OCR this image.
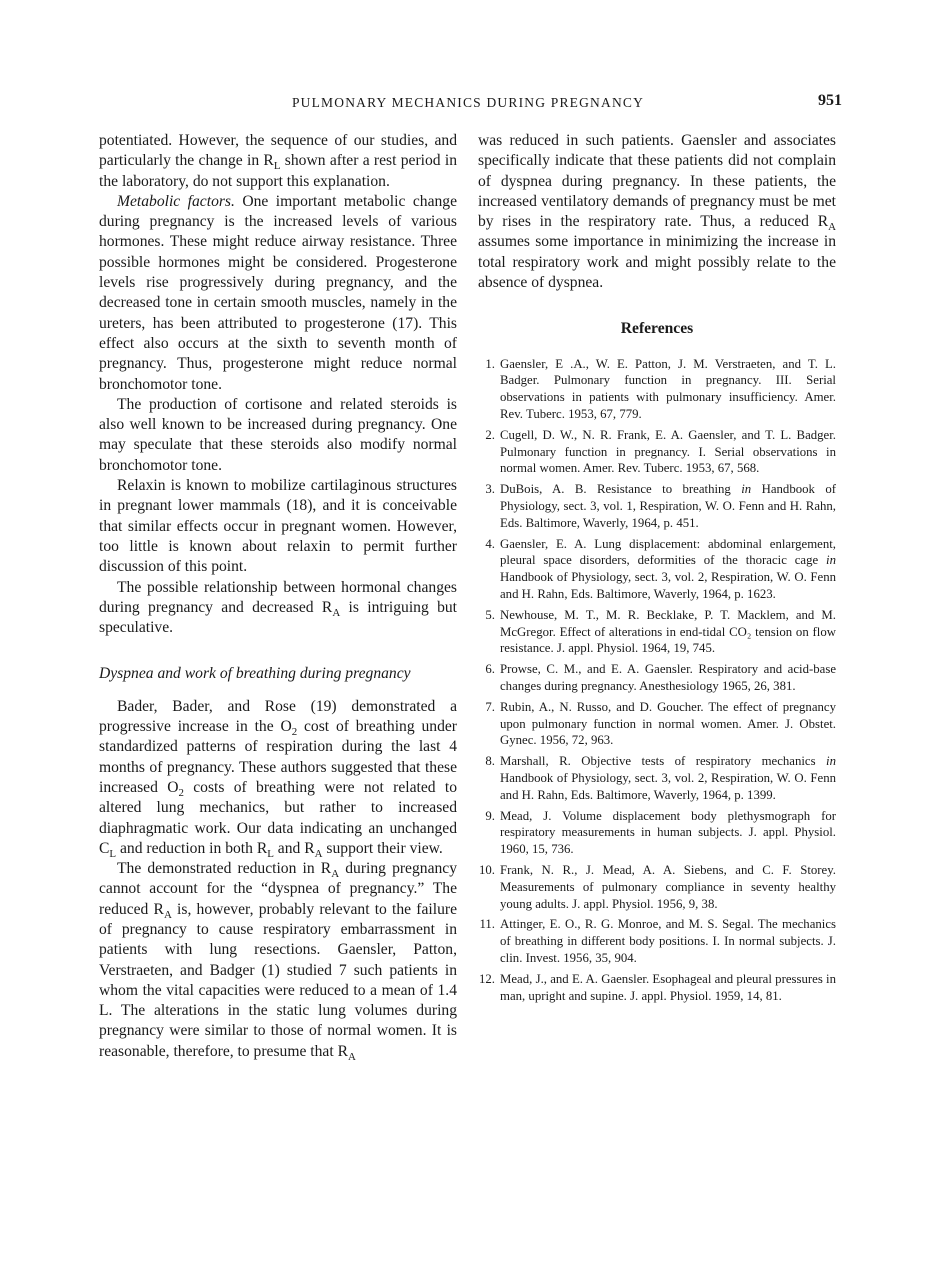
PULMONARY MECHANICS DURING PREGNANCY	951

potentiated. However, the sequence of our studies, and particularly the change in $R_L$ shown after a rest period in the laboratory, do not support this explanation.

Metabolic factors. One important metabolic change during pregnancy is the increased levels of various hormones. These might reduce airway resistance. Three possible hormones might be considered. Progesterone levels rise progressively during pregnancy, and the decreased tone in certain smooth muscles, namely in the ureters, has been attributed to progesterone (17). This effect also occurs at the sixth to seventh month of pregnancy. Thus, progesterone might reduce normal bronchomotor tone.

The production of cortisone and related steroids is also well known to be increased during pregnancy. One may speculate that these steroids also modify normal bronchomotor tone.

Relaxin is known to mobilize cartilaginous structures in pregnant lower mammals (18), and it is conceivable that similar effects occur in pregnant women. However, too little is known about relaxin to permit further discussion of this point.

The possible relationship between hormonal changes during pregnancy and decreased $R_A$ is intriguing but speculative.

Dyspnea and work of breathing during pregnancy

Bader, Bader, and Rose (19) demonstrated a progressive increase in the $O_2$ cost of breathing under standardized patterns of respiration during the last 4 months of pregnancy. These authors suggested that these increased $O_2$ costs of breathing were not related to altered lung mechanics, but rather to increased diaphragmatic work. Our data indicating an unchanged $C_L$ and reduction in both $R_L$ and $R_A$ support their view.

The demonstrated reduction in $R_A$ during pregnancy cannot account for the “dyspnea of pregnancy.” The reduced $R_A$ is, however, probably relevant to the failure of pregnancy to cause respiratory embarrassment in patients with lung resections. Gaensler, Patton, Verstraeten, and Badger (1) studied 7 such patients in whom the vital capacities were reduced to a mean of 1.4 L. The alterations in the static lung volumes during pregnancy were similar to those of normal women. It is reasonable, therefore, to presume that $R_A$

was reduced in such patients. Gaensler and associates specifically indicate that these patients did not complain of dyspnea during pregnancy. In these patients, the increased ventilatory demands of pregnancy must be met by rises in the respiratory rate. Thus, a reduced $R_A$ assumes some importance in minimizing the increase in total respiratory work and might possibly relate to the absence of dyspnea.

References
1. Gaensler, E .A., W. E. Patton, J. M. Verstraeten, and T. L. Badger. Pulmonary function in pregnancy. III. Serial observations in patients with pulmonary insufficiency. Amer. Rev. Tuberc. 1953, 67, 779.
2. Cugell, D. W., N. R. Frank, E. A. Gaensler, and T. L. Badger. Pulmonary function in pregnancy. I. Serial observations in normal women. Amer. Rev. Tuberc. 1953, 67, 568.
3. DuBois, A. B. Resistance to breathing in Handbook of Physiology, sect. 3, vol. 1, Respiration, W. O. Fenn and H. Rahn, Eds. Baltimore, Waverly, 1964, p. 451.
4. Gaensler, E. A. Lung displacement: abdominal enlargement, pleural space disorders, deformities of the thoracic cage in Handbook of Physiology, sect. 3, vol. 2, Respiration, W. O. Fenn and H. Rahn, Eds. Baltimore, Waverly, 1964, p. 1623.
5. Newhouse, M. T., M. R. Becklake, P. T. Macklem, and M. McGregor. Effect of alterations in end-tidal CO₂ tension on flow resistance. J. appl. Physiol. 1964, 19, 745.
6. Prowse, C. M., and E. A. Gaensler. Respiratory and acid-base changes during pregnancy. Anesthesiology 1965, 26, 381.
7. Rubin, A., N. Russo, and D. Goucher. The effect of pregnancy upon pulmonary function in normal women. Amer. J. Obstet. Gynec. 1956, 72, 963.
8. Marshall, R. Objective tests of respiratory mechanics in Handbook of Physiology, sect. 3, vol. 2, Respiration, W. O. Fenn and H. Rahn, Eds. Baltimore, Waverly, 1964, p. 1399.
9. Mead, J. Volume displacement body plethysmograph for respiratory measurements in human subjects. J. appl. Physiol. 1960, 15, 736.
10. Frank, N. R., J. Mead, A. A. Siebens, and C. F. Storey. Measurements of pulmonary compliance in seventy healthy young adults. J. appl. Physiol. 1956, 9, 38.
11. Attinger, E. O., R. G. Monroe, and M. S. Segal. The mechanics of breathing in different body positions. I. In normal subjects. J. clin. Invest. 1956, 35, 904.
12. Mead, J., and E. A. Gaensler. Esophageal and pleural pressures in man, upright and supine. J. appl. Physiol. 1959, 14, 81.
